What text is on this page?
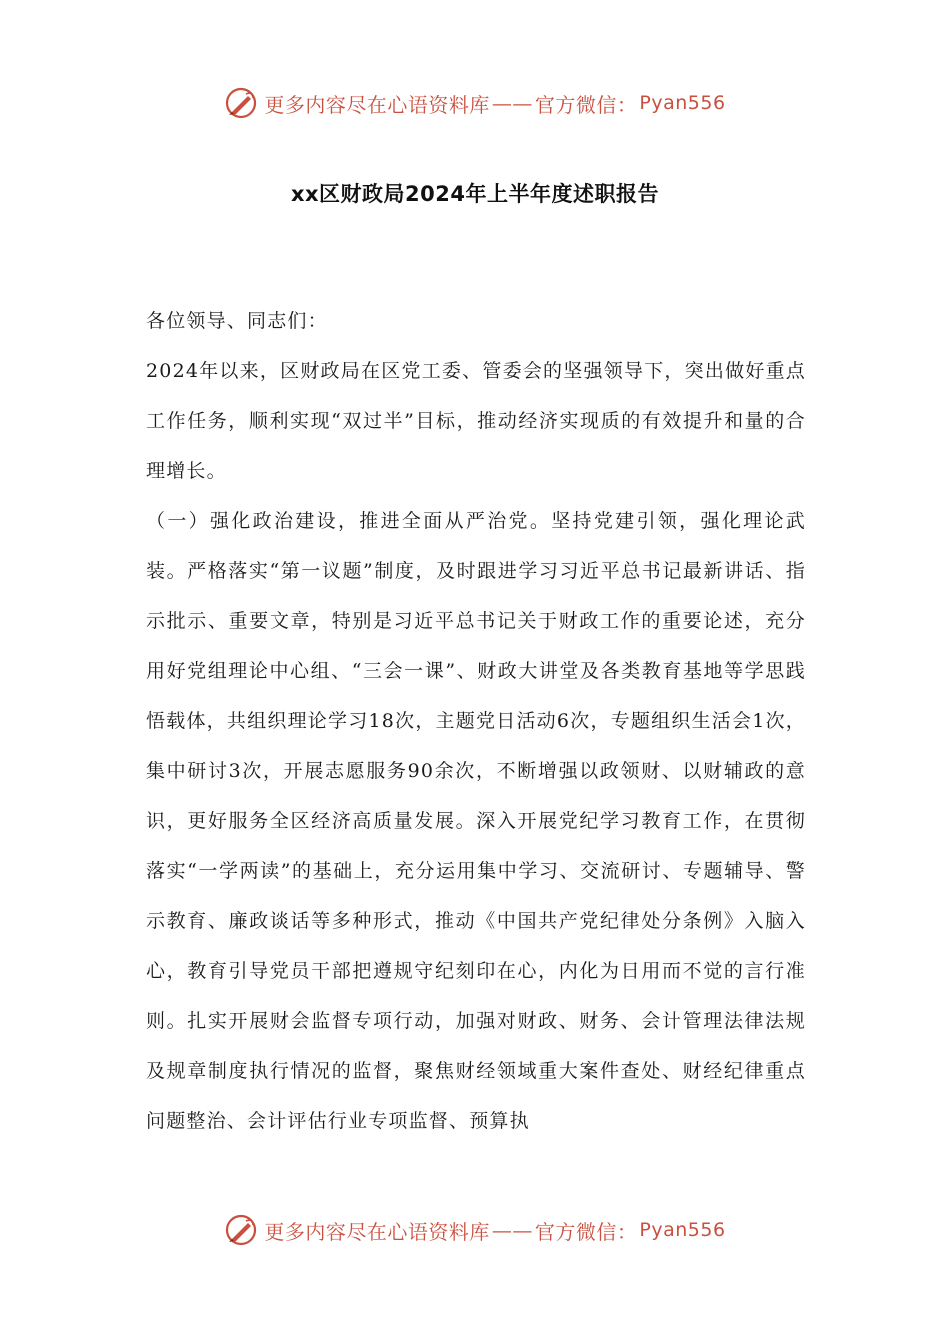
更多内容尽在心语资料库 —— 官方微信： Pyan556
xx区财政局2024年上半年度述职报告

各位领导、同志们：

2024年以来，区财政局在区党工委、管委会的坚强领导下，突出做好重点工作任务，顺利实现“双过半”目标，推动经济实现质的有效提升和量的合理增长。

（一）强化政治建设，推进全面从严治党。坚持党建引领，强化理论武装。严格落实“第一议题”制度，及时跟进学习习近平总书记最新讲话、指示批示、重要文章，特别是习近平总书记关于财政工作的重要论述，充分用好党组理论中心组、“三会一课”、财政大讲堂及各类教育基地等学思践悟载体，共组织理论学习18次，主题党日活动6次，专题组织生活会1次，集中研讨3次，开展志愿服务90余次，不断增强以政领财、以财辅政的意识，更好服务全区经济高质量发展。深入开展党纪学习教育工作，在贯彻落实“一学两读”的基础上，充分运用集中学习、交流研讨、专题辅导、警示教育、廉政谈话等多种形式，推动《中国共产党纪律处分条例》入脑入心，教育引导党员干部把遵规守纪刻印在心，内化为日用而不觉的言行准则。扎实开展财会监督专项行动，加强对财政、财务、会计管理法律法规及规章制度执行情况的监督，聚焦财经领域重大案件查处、财经纪律重点问题整治、会计评估行业专项监督、预算执

更多内容尽在心语资料库 —— 官方微信： Pyan556
